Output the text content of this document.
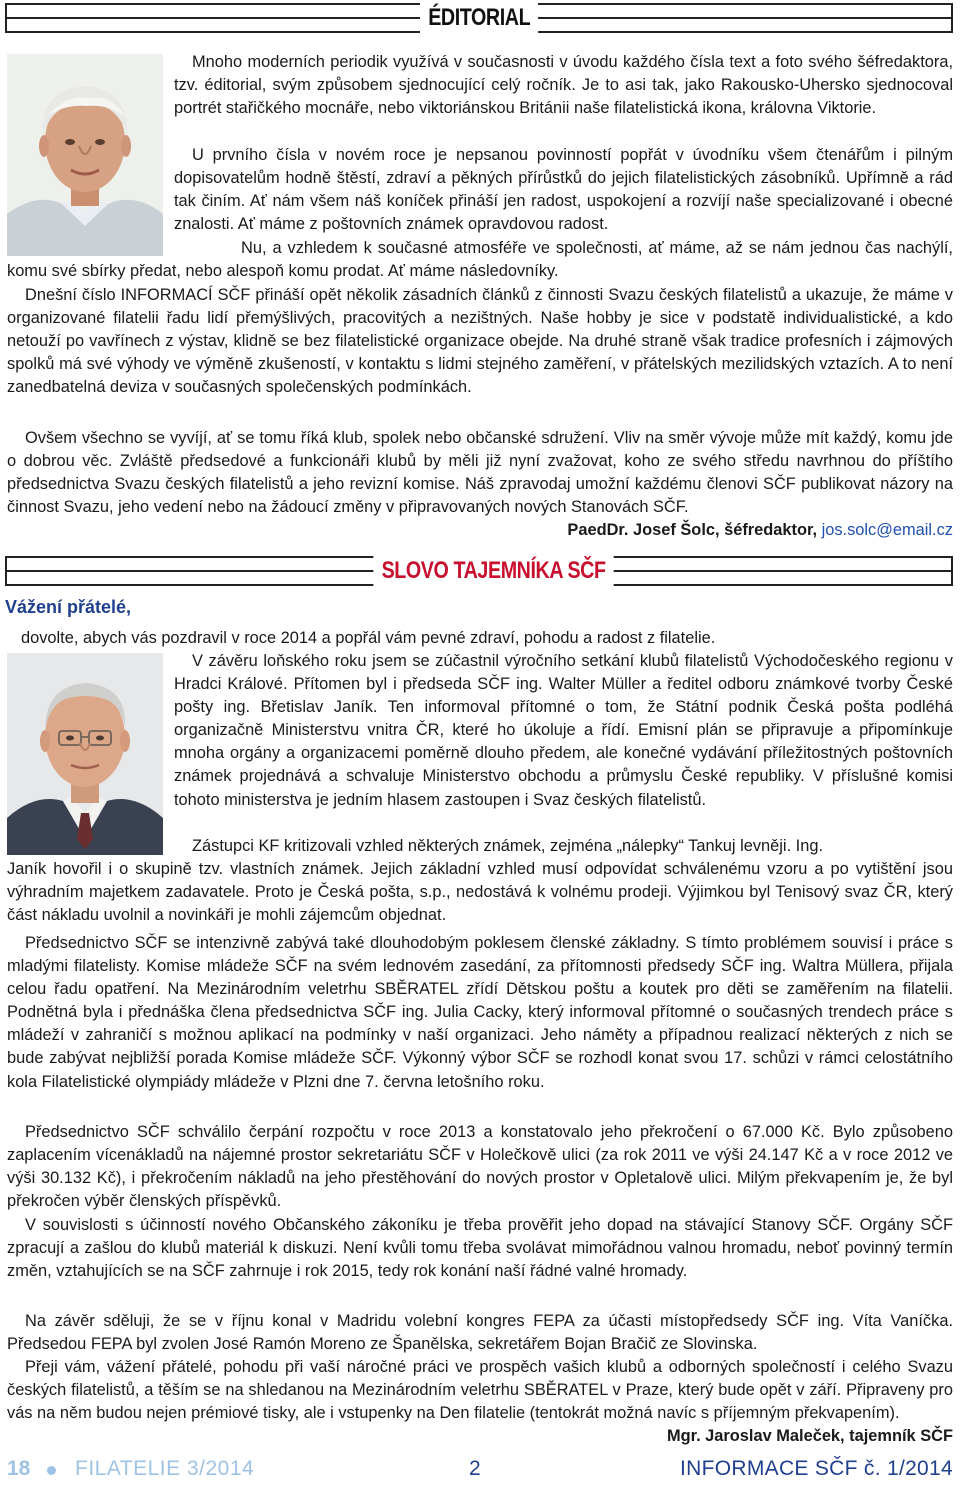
ÉDITORIAL

Mnoho moderních periodik využívá v současnosti v úvodu každého čísla text a foto svého šéfredaktora, tzv. éditorial, svým způsobem sjednocující celý ročník. Je to asi tak, jako Rakousko-Uhersko sjednocoval portrét stařičkého mocnáře, nebo viktoriánskou Británii naše filatelistická ikona, královna Viktorie.

U prvního čísla v novém roce je nepsanou povinností popřát v úvodníku všem čtenářům i pilným dopisovatelům hodně štěstí, zdraví a pěkných přírůstků do jejich filatelistických zásobníků. Upřímně a rád tak činím. Ať nám všem náš koníček přináší jen radost, uspokojení a rozvíjí naše specializované i obecné znalosti. Ať máme z poštovních známek opravdovou radost.

Nu, a vzhledem k současné atmosféře ve společnosti, ať máme, až se nám jednou čas nachýlí, komu své sbírky předat, nebo alespoň komu prodat. Ať máme následovníky.

Dnešní číslo INFORMACÍ SČF přináší opět několik zásadních článků z činnosti Svazu českých filatelistů a ukazuje, že máme v organizované filatelii řadu lidí přemýšlivých, pracovitých a nezištných. Naše hobby je sice v podstatě individualistické, a kdo netouží po vavřínech z výstav, klidně se bez filatelistické organizace obejde. Na druhé straně však tradice profesních i zájmových spolků má své výhody ve výměně zkušeností, v kontaktu s lidmi stejného zaměření, v přátelských mezilidských vztazích. A to není zanedbatelná deviza v současných společenských podmínkách.

Ovšem všechno se vyvíjí, ať se tomu říká klub, spolek nebo občanské sdružení. Vliv na směr vývoje může mít každý, komu jde o dobrou věc. Zvláště předsedové a funkcionáři klubů by měli již nyní zvažovat, koho ze svého středu navrhnou do příštího předsednictva Svazu českých filatelistů a jeho revizní komise. Náš zpravodaj umožní každému členovi SČF publikovat názory na činnost Svazu, jeho vedení nebo na žádoucí změny v připravovaných nových Stanovách SČF.
PaedDr. Josef Šolc, šéfredaktor, jos.solc@email.cz

SLOVO TAJEMNÍKA SČF
Vážení přátelé,

dovolte, abych vás pozdravil v roce 2014 a popřál vám pevné zdraví, pohodu a radost z filatelie.

V závěru loňského roku jsem se zúčastnil výročního setkání klubů filatelistů Východočeského regionu v Hradci Králové. Přítomen byl i předseda SČF ing. Walter Müller a ředitel odboru známkové tvorby České pošty ing. Břetislav Janík. Ten informoval přítomné o tom, že Státní podnik Česká pošta podléhá organizačně Ministerstvu vnitra ČR, které ho úkoluje a řídí. Emisní plán se připravuje a připomínkuje mnoha orgány a organizacemi poměrně dlouho předem, ale konečné vydávání příležitostných poštovních známek projednává a schvaluje Ministerstvo obchodu a průmyslu České republiky. V příslušné komisi tohoto ministerstva je jedním hlasem zastoupen i Svaz českých filatelistů.

Zástupci KF kritizovali vzhled některých známek, zejména „nálepky“ Tankuj levněji. Ing.

Janík hovořil i o skupině tzv. vlastních známek. Jejich základní vzhled musí odpovídat schválenému vzoru a po vytištění jsou výhradním majetkem zadavatele. Proto je Česká pošta, s.p., nedostává k volnému prodeji. Výjimkou byl Tenisový svaz ČR, který část nákladu uvolnil a novinkáři je mohli zájemcům objednat.

Předsednictvo SČF se intenzivně zabývá také dlouhodobým poklesem členské základny. S tímto problémem souvisí i práce s mladými filatelisty. Komise mládeže SČF na svém lednovém zasedání, za přítomnosti předsedy SČF ing. Waltra Müllera, přijala celou řadu opatření. Na Mezinárodním veletrhu SBĚRATEL zřídí Dětskou poštu a koutek pro děti se zaměřením na filatelii. Podnětná byla i přednáška člena předsednictva SČF ing. Julia Cacky, který informoval přítomné o současných trendech práce s mládeží v zahraničí s možnou aplikací na podmínky v naší organizaci. Jeho náměty a případnou realizací některých z nich se bude zabývat nejbližší porada Komise mládeže SČF. Výkonný výbor SČF se rozhodl konat svou 17. schůzi v rámci celostátního kola Filatelistické olympiády mládeže v Plzni dne 7. června letošního roku.

Předsednictvo SČF schválilo čerpání rozpočtu v roce 2013 a konstatovalo jeho překročení o 67.000 Kč. Bylo způsobeno zaplacením vícenákladů na nájemné prostor sekretariátu SČF v Holečkově ulici (za rok 2011 ve výši 24.147 Kč a v roce 2012 ve výši 30.132 Kč), i překročením nákladů na jeho přestěhování do nových prostor v Opletalově ulici. Milým překvapením je, že byl překročen výběr členských příspěvků.

V souvislosti s účinností nového Občanského zákoníku je třeba prověřit jeho dopad na stávající Stanovy SČF. Orgány SČF zpracují a zašlou do klubů materiál k diskuzi. Není kvůli tomu třeba svolávat mimořádnou valnou hromadu, neboť povinný termín změn, vztahujících se na SČF zahrnuje i rok 2015, tedy rok konání naší řádné valné hromady.

Na závěr sděluji, že se v říjnu konal v Madridu volební kongres FEPA za účasti místopředsedy SČF ing. Víta Vaníčka. Předsedou FEPA byl zvolen José Ramón Moreno ze Španělska, sekretářem Bojan Bračič ze Slovinska.

Přeji vám, vážení přátelé, pohodu při vaší náročné práci ve prospěch vašich klubů a odborných společností i celého Svazu českých filatelistů, a těším se na shledanou na Mezinárodním veletrhu SBĚRATEL v Praze, který bude opět v září. Připraveny pro vás na něm budou nejen prémiové tisky, ale i vstupenky na Den filatelie (tentokrát možná navíc s příjemným překvapením).
Mgr. Jaroslav Maleček, tajemník SČF

18 FILATELIE 3/2014	2	INFORMACE SČF č. 1/2014
